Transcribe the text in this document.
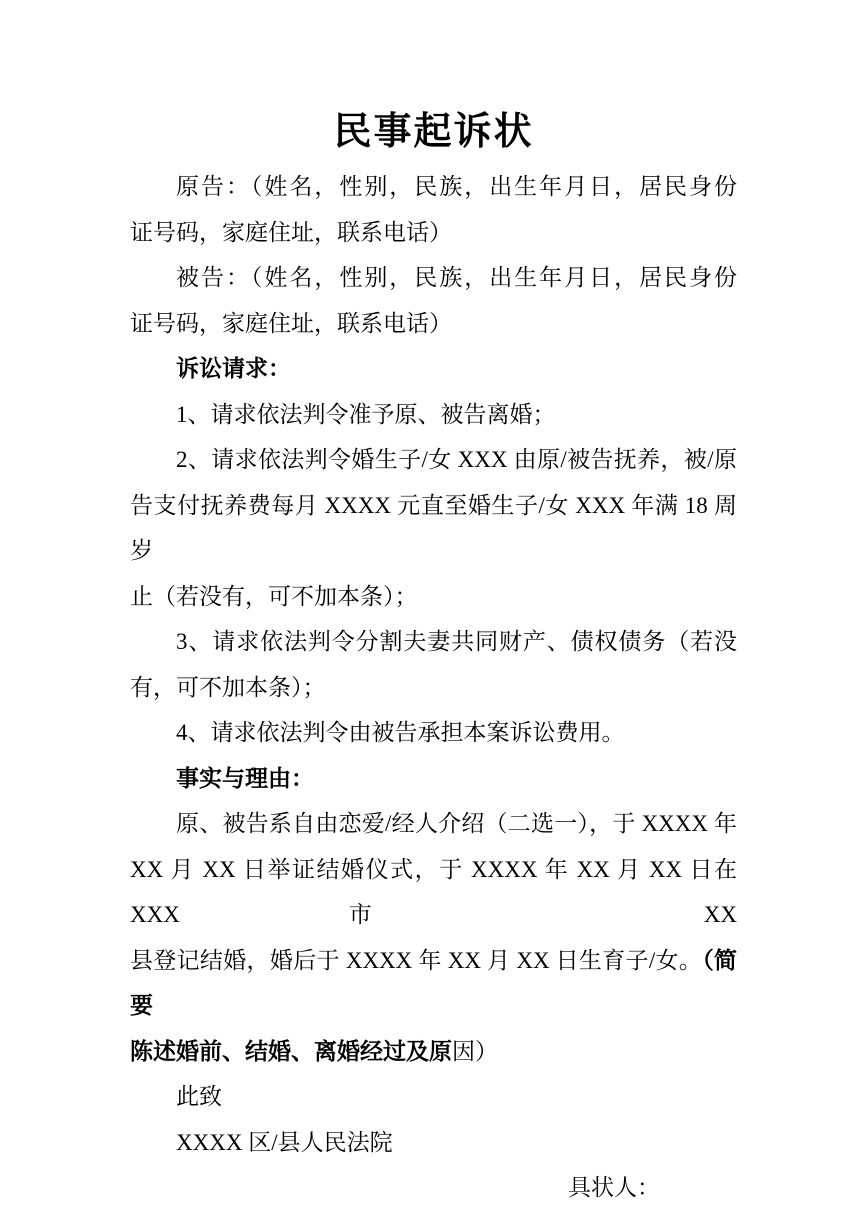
民事起诉状
原告：（姓名，性别，民族，出生年月日，居民身份
证号码，家庭住址，联系电话）
被告：（姓名，性别，民族，出生年月日，居民身份
证号码，家庭住址，联系电话）
诉讼请求：
1、请求依法判令准予原、被告离婚；
2、请求依法判令婚生子/女 XXX 由原/被告抚养，被/原
告支付抚养费每月 XXXX 元直至婚生子/女 XXX 年满 18 周岁
止（若没有，可不加本条）；
3、请求依法判令分割夫妻共同财产、债权债务（若没
有，可不加本条）；
4、请求依法判令由被告承担本案诉讼费用。
事实与理由：
原、被告系自由恋爱/经人介绍（二选一），于 XXXX 年
XX 月 XX 日举证结婚仪式，于 XXXX 年 XX 月 XX 日在 XXX 市 XX
县登记结婚，婚后于 XXXX 年 XX 月 XX 日生育子/女。（简要
陈述婚前、结婚、离婚经过及原因）
此致
XXXX 区/县人民法院
具状人：
